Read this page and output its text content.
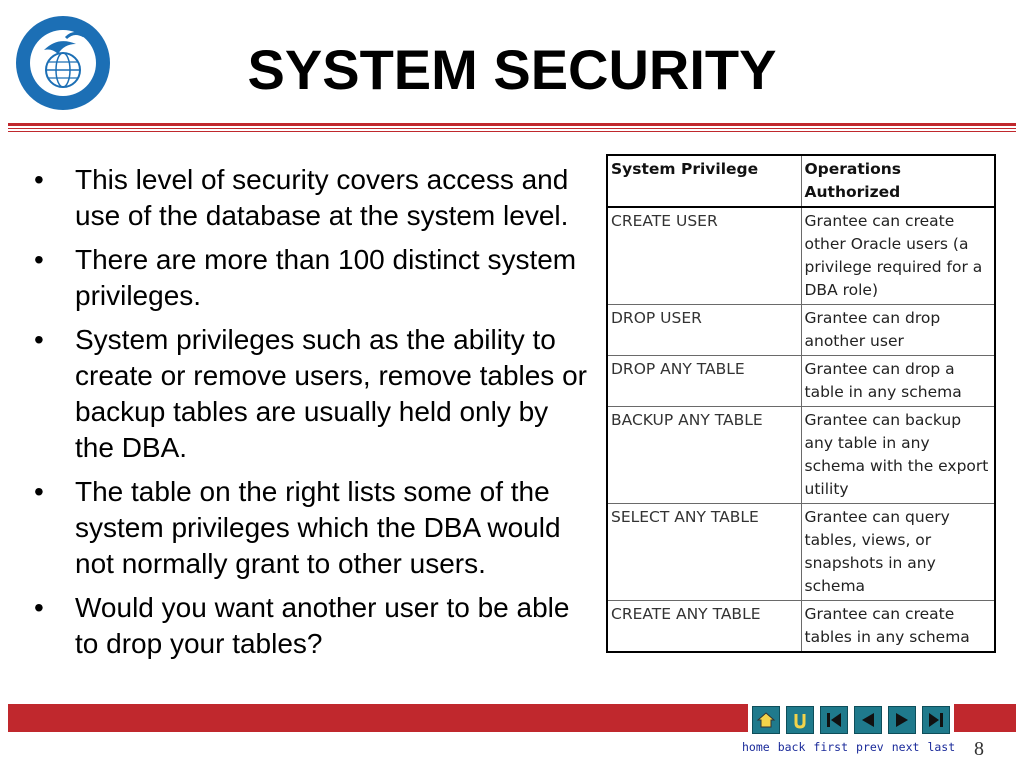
SYSTEM SECURITY
• This level of security covers access and use of the database at the system level.
• There are more than 100 distinct system privileges.
• System privileges such as the ability to create or remove users, remove tables or backup tables are usually held only by the DBA.
• The table on the right lists some of the system privileges which the DBA would not normally grant to other users.
• Would you want another user to be able to drop your tables?
System Privilege	Operations Authorized
CREATE USER	Grantee can create other Oracle users (a privilege required for a DBA role)
DROP USER	Grantee can drop another user
DROP ANY TABLE	Grantee can drop a table in any schema
BACKUP ANY TABLE	Grantee can backup any table in any schema with the export utility
SELECT ANY TABLE	Grantee can query tables, views, or snapshots in any schema
CREATE ANY TABLE	Grantee can create tables in any schema
home back first prev next last 8
